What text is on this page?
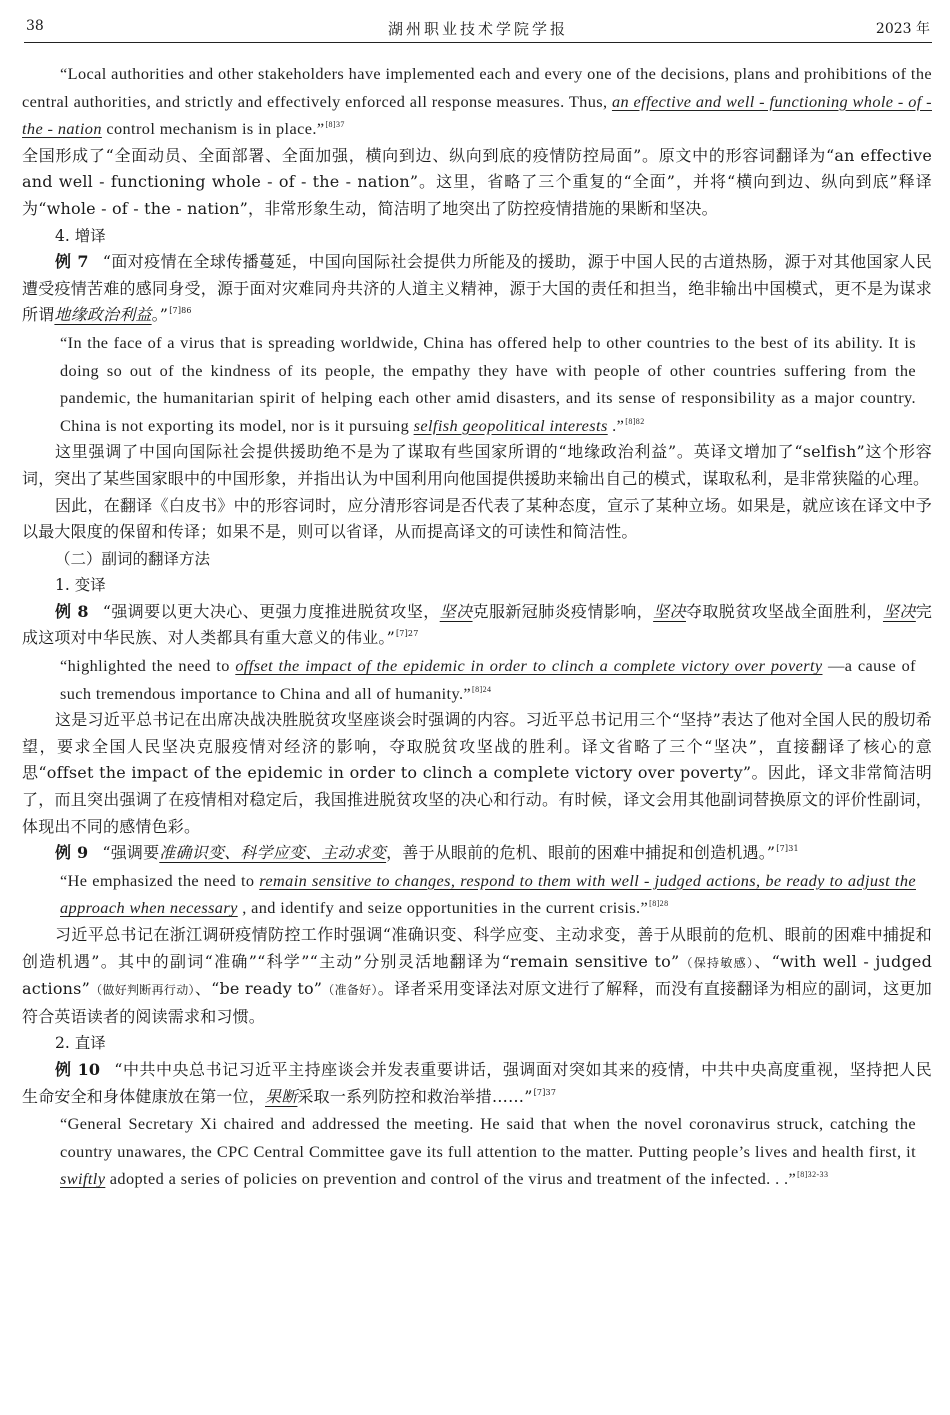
38	湖州职业技术学院学报	2023 年

“Local authorities and other stakeholders have implemented each and every one of the decisions, plans and prohibitions of the central authorities, and strictly and effectively enforced all response measures. Thus, an effective and well - functioning whole - of - the - nation control mechanism is in place.”$^{[8]37}$

全国形成了“全面动员、全面部署、全面加强，横向到边、纵向到底的疫情防控局面”。原文中的形容词翻译为“an effective and well - functioning whole - of - the - nation”。这里，省略了三个重复的“全面”，并将“横向到边、纵向到底”释译为“whole - of - the - nation”，非常形象生动，简洁明了地突出了防控疫情措施的果断和坚决。

4. 增译

例 7 “面对疫情在全球传播蔓延，中国向国际社会提供力所能及的援助，源于中国人民的古道热肠，源于对其他国家人民遭受疫情苦难的感同身受，源于面对灾难同舟共济的人道主义精神，源于大国的责任和担当，绝非输出中国模式，更不是为谋求所谓地缘政治利益。”$^{[7]86}$

“In the face of a virus that is spreading worldwide, China has offered help to other countries to the best of its ability. It is doing so out of the kindness of its people, the empathy they have with people of other countries suffering from the pandemic, the humanitarian spirit of helping each other amid disasters, and its sense of responsibility as a major country. China is not exporting its model, nor is it pursuing selfish geopolitical interests .”$^{[8]82}$

这里强调了中国向国际社会提供援助绝不是为了谋取有些国家所谓的“地缘政治利益”。英译文增加了“selfish”这个形容词，突出了某些国家眼中的中国形象，并指出认为中国利用向他国提供援助来输出自己的模式，谋取私利，是非常狭隘的心理。

因此，在翻译《白皮书》中的形容词时，应分清形容词是否代表了某种态度，宣示了某种立场。如果是，就应该在译文中予以最大限度的保留和传译；如果不是，则可以省译，从而提高译文的可读性和简洁性。

（二）副词的翻译方法

1. 变译

例 8 “强调要以更大决心、更强力度推进脱贫攻坚，坚决克服新冠肺炎疫情影响，坚决夺取脱贫攻坚战全面胜利，坚决完成这项对中华民族、对人类都具有重大意义的伟业。”$^{[7]27}$

“highlighted the need to offset the impact of the epidemic in order to clinch a complete victory over poverty —a cause of such tremendous importance to China and all of humanity.”$^{[8]24}$

这是习近平总书记在出席决战决胜脱贫攻坚座谈会时强调的内容。习近平总书记用三个“坚持”表达了他对全国人民的殷切希望，要求全国人民坚决克服疫情对经济的影响，夺取脱贫攻坚战的胜利。译文省略了三个“坚决”，直接翻译了核心的意思“offset the impact of the epidemic in order to clinch a complete victory over poverty”。因此，译文非常简洁明了，而且突出强调了在疫情相对稳定后，我国推进脱贫攻坚的决心和行动。有时候，译文会用其他副词替换原文的评价性副词，体现出不同的感情色彩。

例 9 “强调要准确识变、科学应变、主动求变，善于从眼前的危机、眼前的困难中捕捉和创造机遇。”$^{[7]31}$

“He emphasized the need to remain sensitive to changes, respond to them with well - judged actions, be ready to adjust the approach when necessary , and identify and seize opportunities in the current crisis.”$^{[8]28}$

习近平总书记在浙江调研疫情防控工作时强调“准确识变、科学应变、主动求变，善于从眼前的危机、眼前的困难中捕捉和创造机遇”。其中的副词“准确”“科学”“主动”分别灵活地翻译为“remain sensitive to”（保持敏感）、“with well - judged actions”（做好判断再行动）、“be ready to”（准备好）。译者采用变译法对原文进行了解释，而没有直接翻译为相应的副词，这更加符合英语读者的阅读需求和习惯。

2. 直译

例 10 “中共中央总书记习近平主持座谈会并发表重要讲话，强调面对突如其来的疫情，中共中央高度重视，坚持把人民生命安全和身体健康放在第一位，果断采取一系列防控和救治举措……”$^{[7]37}$

“General Secretary Xi chaired and addressed the meeting. He said that when the novel coronavirus struck, catching the country unawares, the CPC Central Committee gave its full attention to the matter. Putting people’s lives and health first, it swiftly adopted a series of policies on prevention and control of the virus and treatment of the infected. . .”$^{[8]32-33}$
